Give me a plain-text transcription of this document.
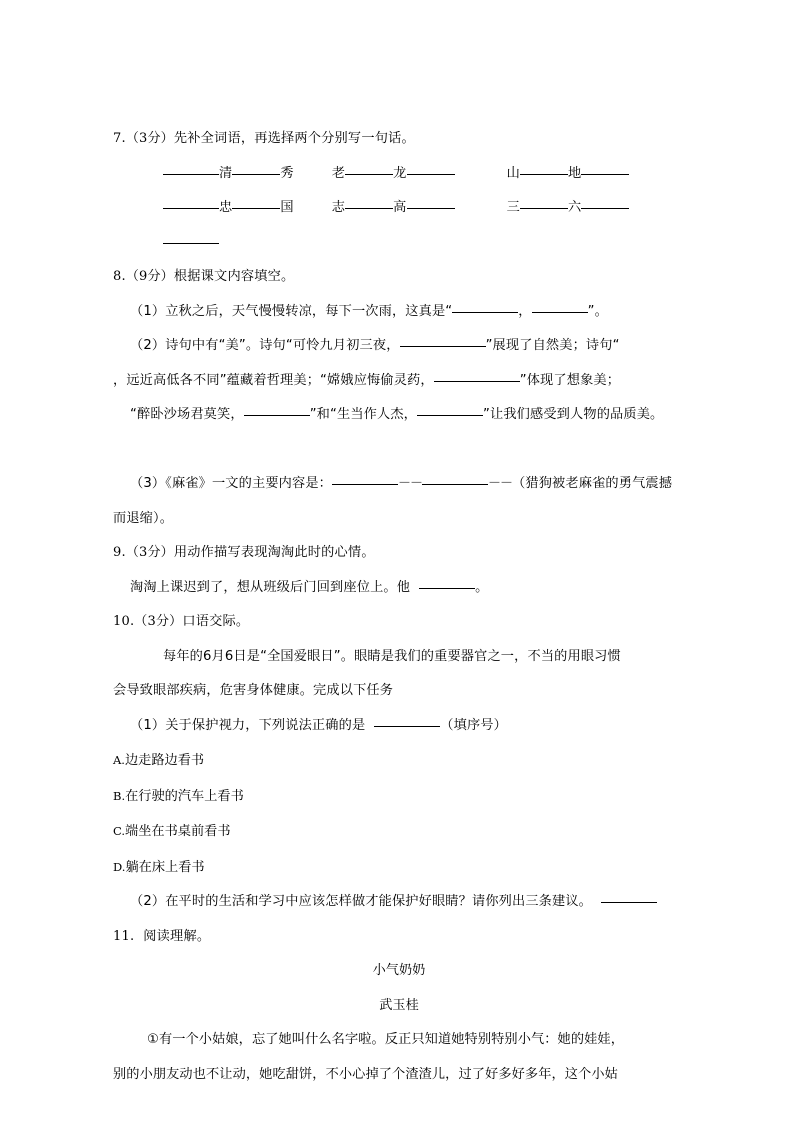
7.（3分）先补全词语，再选择两个分别写一句话。
清	秀	老	龙	山	地
忠	国	志	高	三	六
8.（9分）根据课文内容填空。
（1）立秋之后，天气慢慢转凉，每下一次雨，这真是“	，	”。
（2）诗句中有“美”。诗句“可怜九月初三夜，	”展现了自然美；诗句“
，远近高低各不同”蕴藏着哲理美；“嫦娥应悔偷灵药，	”体现了想象美；
“醉卧沙场君莫笑，	”和“生当作人杰，	”让我们感受到人物的品质美。
（3）《麻雀》一文的主要内容是：	－－	－－（猎狗被老麻雀的勇气震撼
而退缩）。
9.（3分）用动作描写表现淘淘此时的心情。
淘淘上课迟到了，想从班级后门回到座位上。他	。
10.（3分）口语交际。
每年的6月6日是“全国爱眼日”。眼睛是我们的重要器官之一，不当的用眼习惯
会导致眼部疾病，危害身体健康。完成以下任务
（1）关于保护视力，下列说法正确的是	（填序号）
A.边走路边看书
B.在行驶的汽车上看书
C.端坐在书桌前看书
D.躺在床上看书
（2）在平时的生活和学习中应该怎样做才能保护好眼睛？请你列出三条建议。
11. 阅读理解。
小气奶奶
武玉桂
①有一个小姑娘，忘了她叫什么名字啦。反正只知道她特别特别小气：她的娃娃，
别的小朋友动也不让动，她吃甜饼，不小心掉了个渣渣儿，过了好多好多年，这个小姑
